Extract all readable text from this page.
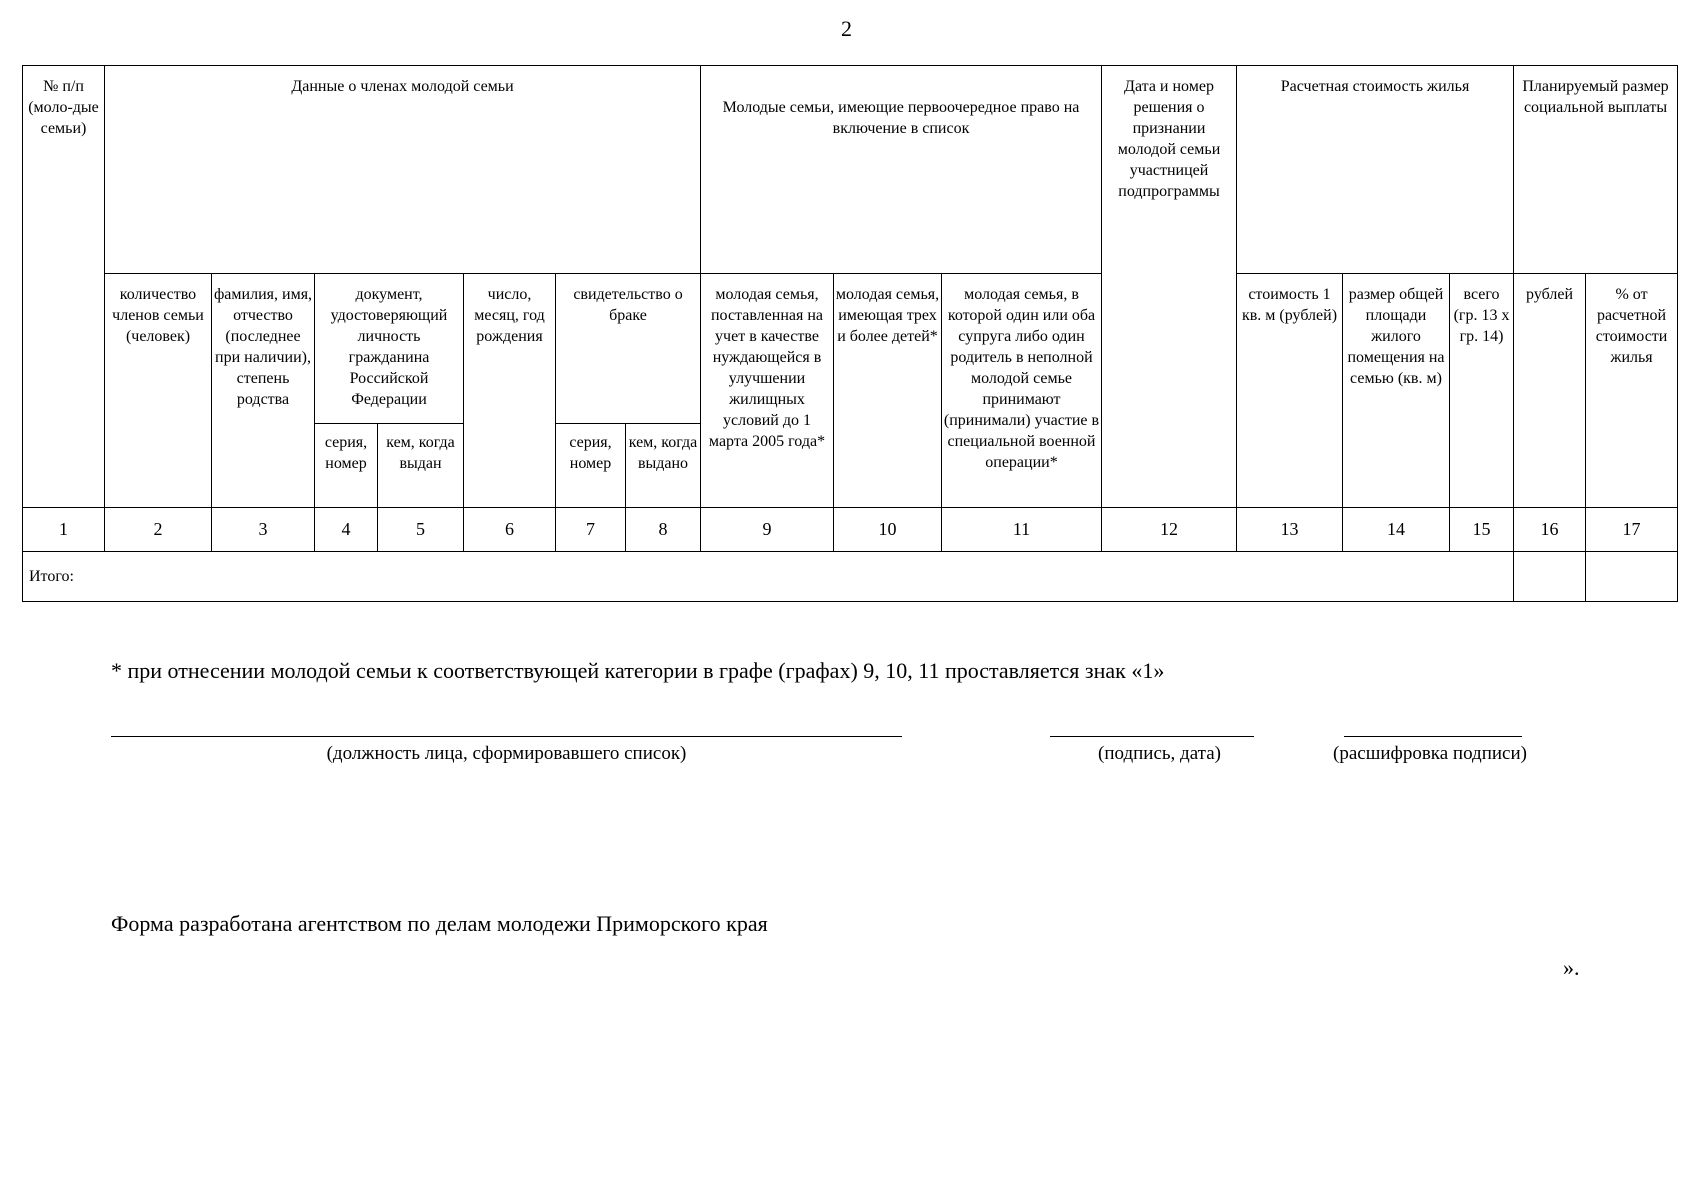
2
№ п/п (моло-дые семьи)	Данные о членах молодой семьи							Молодые семьи, имеющие первоочередное право на включение в список			Дата и номер решения о признании молодой семьи участницей подпрограммы	Расчетная стоимость жилья			Планируемый размер социальной выплаты	
	количество членов семьи (человек)	фамилия, имя, отчество (последнее при наличии), степень родства	документ, удостоверяющий личность гражданина Российской Федерации		число, месяц, год рождения	свидетельство о браке		молодая семья, поставленная на учет в качестве нуждающейся в улучшении жилищных условий до 1 марта 2005 года*	молодая семья, имеющая трех и более детей*	молодая семья, в которой один или оба супруга либо один родитель в неполной молодой семье принимают (принимали) участие в специальной военной операции*		стоимость 1 кв. м (рублей)	размер общей площади жилого помещения на семью (кв. м)	всего (гр. 13 х гр. 14)	рублей	% от расчетной стоимости жилья
			серия, номер	кем, когда выдан		серия, номер	кем, когда выдано									
1	2	3	4	5	6	7	8	9	10	11	12	13	14	15	16	17
Итого:																
* при отнесении молодой семьи к соответствующей категории в графе (графах) 9, 10, 11 проставляется знак «1»
(должность лица, сформировавшего список)	(подпись, дата)	(расшифровка подписи)
Форма разработана агентством по делам молодежи Приморского края
».
